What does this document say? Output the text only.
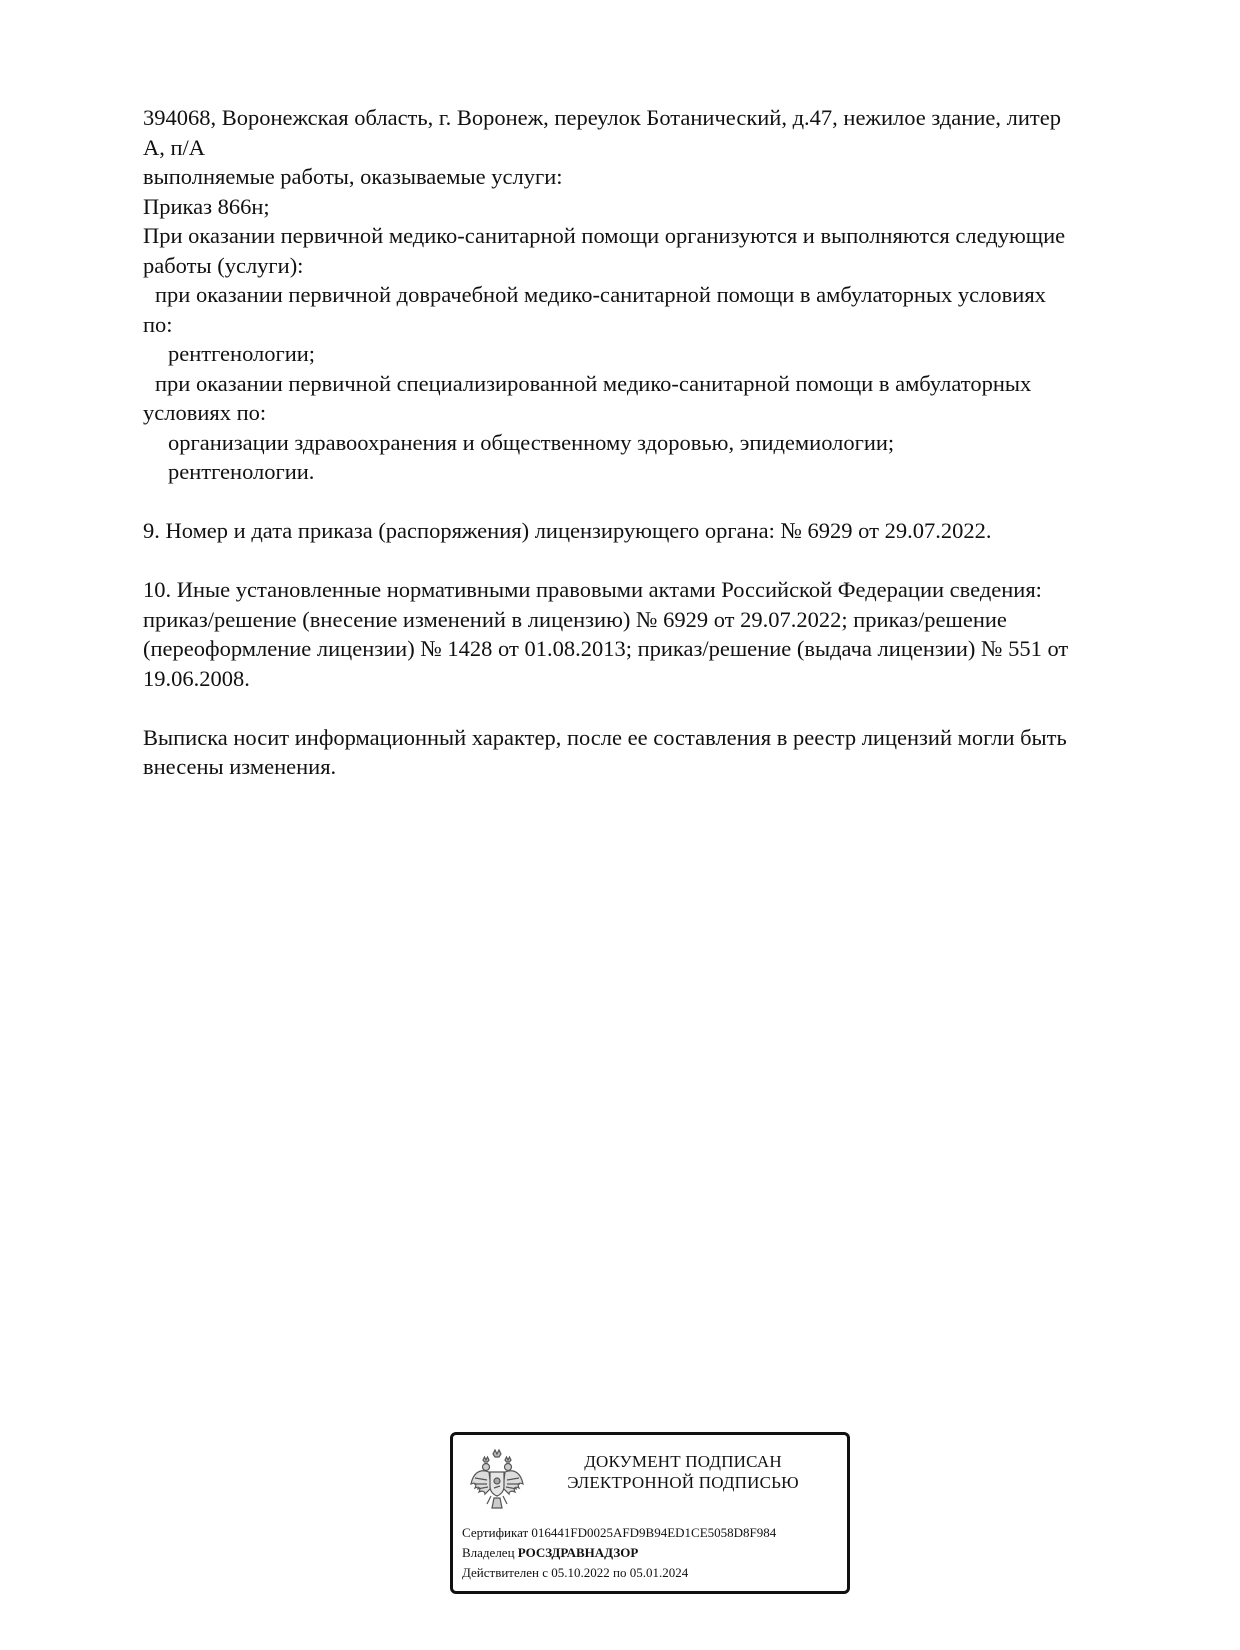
394068, Воронежская область, г. Воронеж, переулок Ботанический, д.47, нежилое здание, литер
А, п/А
выполняемые работы, оказываемые услуги:
Приказ 866н;
При оказании первичной медико-санитарной помощи организуются и выполняются следующие
работы (услуги):
при оказании первичной доврачебной медико-санитарной помощи в амбулаторных условиях
по:
рентгенологии;
при оказании первичной специализированной медико-санитарной помощи в амбулаторных
условиях по:
организации здравоохранения и общественному здоровью, эпидемиологии;
рентгенологии.
9. Номер и дата приказа (распоряжения) лицензирующего органа: № 6929 от 29.07.2022.
10. Иные установленные нормативными правовыми актами Российской Федерации сведения:
приказ/решение (внесение изменений в лицензию) № 6929 от 29.07.2022; приказ/решение
(переоформление лицензии) № 1428 от 01.08.2013; приказ/решение (выдача лицензии) № 551 от
19.06.2008.
Выписка носит информационный характер, после ее составления в реестр лицензий могли быть
внесены изменения.
ДОКУМЕНТ ПОДПИСАН
ЭЛЕКТРОННОЙ ПОДПИСЬЮ
Сертификат 016441FD0025AFD9B94ED1CE5058D8F984
Владелец РОСЗДРАВНАДЗОР
Действителен с 05.10.2022 по 05.01.2024
